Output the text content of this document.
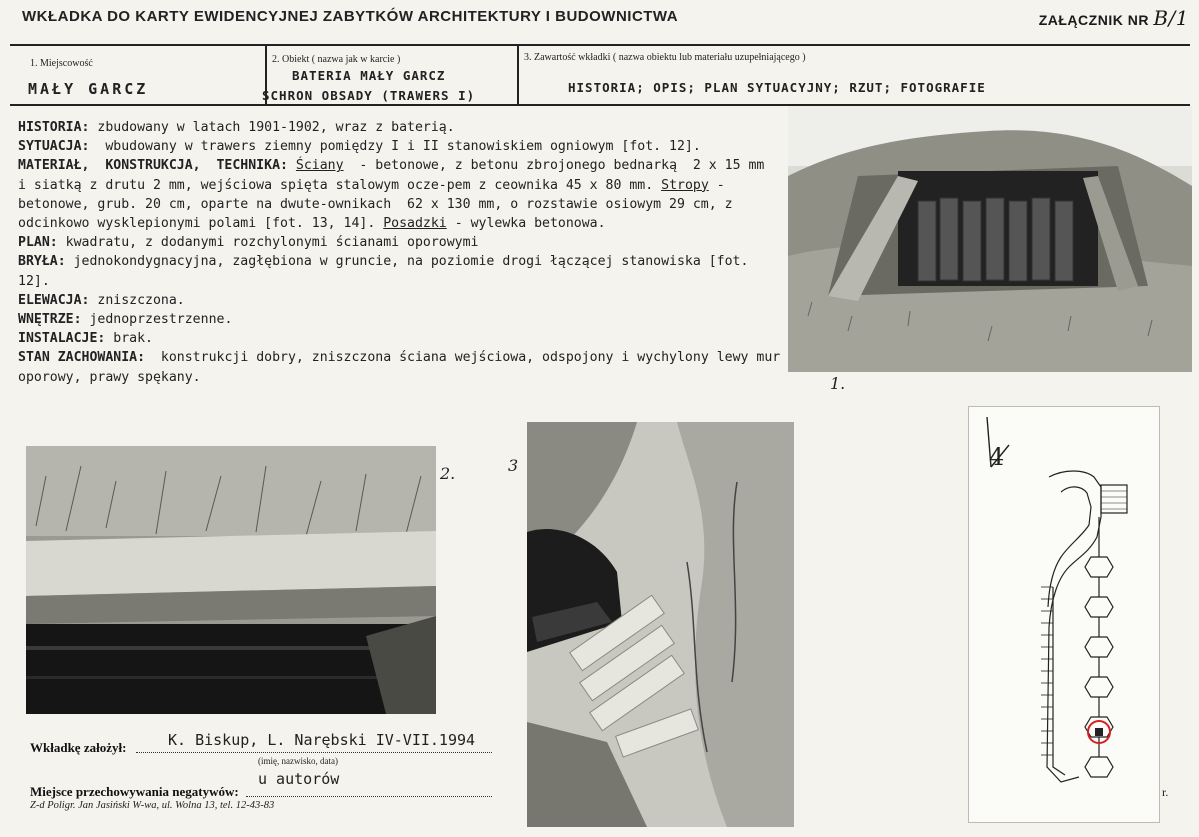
WKŁADKA DO KARTY EWIDENCYJNEJ ZABYTKÓW ARCHITEKTURY I BUDOWNICTWA	ZAŁĄCZNIK NR B/1
1. Miejscowość
MAŁY GARCZ
2. Obiekt ( nazwa jak w karcie )
BATERIA MAŁY GARCZ
SCHRON OBSADY (TRAWERS I)
3. Zawartość wkładki ( nazwa obiektu lub materiału uzupełniającego )
HISTORIA; OPIS; PLAN SYTUACYJNY; RZUT; FOTOGRAFIE
HISTORIA: zbudowany w latach 1901-1902, wraz z baterią.
SYTUACJA:  wbudowany w trawers ziemny pomiędzy I i II stanowiskiem ogniowym [fot. 12].
MATERIAŁ,  KONSTRUKCJA,  TECHNIKA: Ściany  - betonowe, z betonu zbrojonego bednarką  2 x 15 mm  i siatką z drutu 2 mm, wejściowa spięta stalowym ocze-pem z ceownika 45 x 80 mm. Stropy - betonowe, grub. 20 cm, oparte na dwute-ownikach  62 x 130 mm, o rozstawie osiowym 29 cm, z odcinkowo wysklepionymi polami [fot. 13, 14]. Posadzki - wylewka betonowa.
PLAN: kwadratu, z dodanymi rozchylonymi ścianami oporowymi
BRYŁA: jednokondygnacyjna, zagłębiona w gruncie, na poziomie drogi łączącej stanowiska [fot. 12].
ELEWACJA: zniszczona.
WNĘTRZE: jednoprzestrzenne.
INSTALACJE: brak.
STAN ZACHOWANIA:  konstrukcji dobry, zniszczona ściana wejściowa, odspojony i wychylony lewy mur oporowy, prawy spękany.	1.
2.	3	4
r.
Wkładkę założył:	K. Biskup, L. Narębski IV-VII.1994
(imię, nazwisko, data)
Miejsce przechowywania negatywów:
u autorów
Z-d Poligr. Jan Jasiński W-wa, ul. Wolna 13, tel. 12-43-83
